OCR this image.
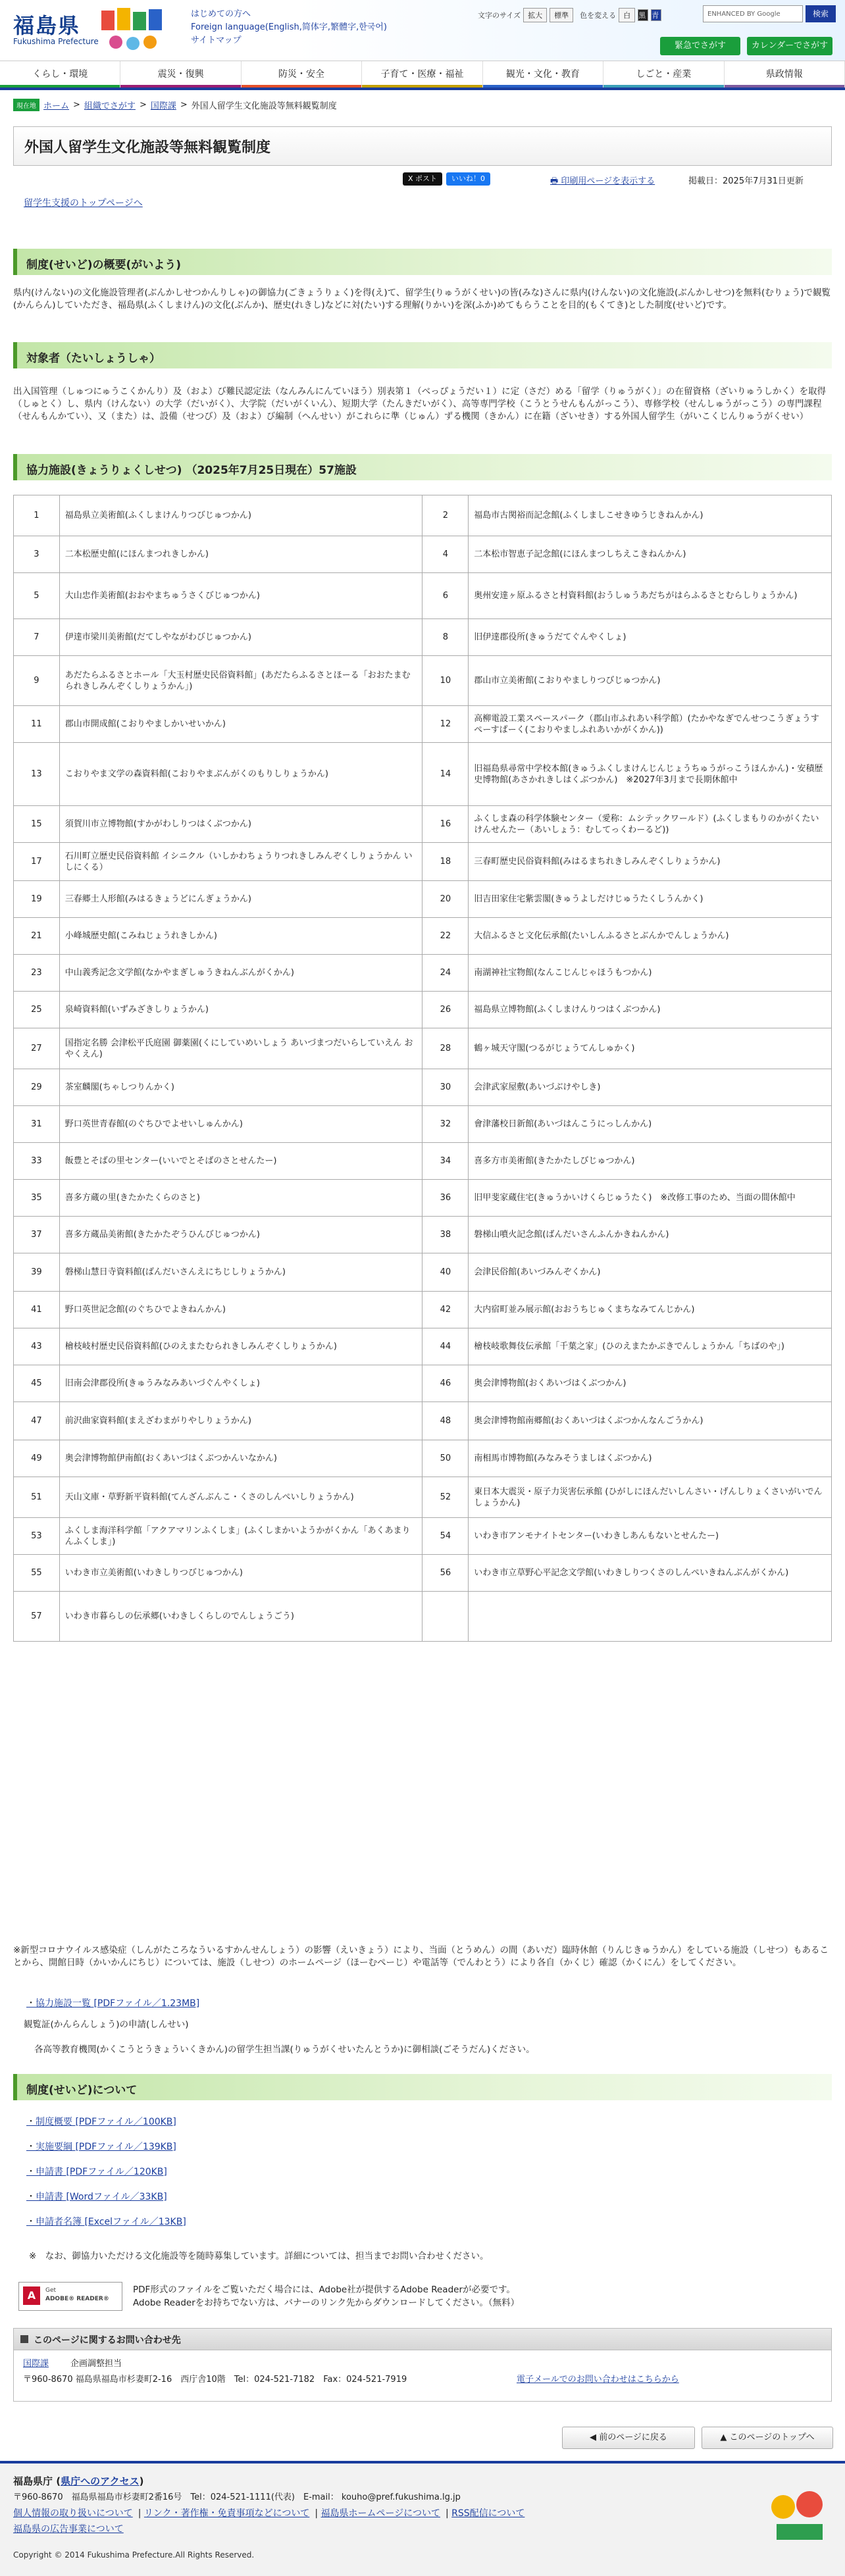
福島県
Fukushima Prefecture
はじめての方へ
Foreign language(English,简体字,繁體字,한국어)
サイトマップ
文字のサイズ	拡大	標準	色を変える	白	黒 青	ENHANCED BY Google	検索
緊急でさがす	カレンダーでさがす
くらし・環境	震災・復興	防災・安全	子育て・医療・福祉	観光・文化・教育	しごと・産業	県政情報
現在地 ホーム > 組織でさがす > 国際課 > 外国人留学生文化施設等無料観覧制度
外国人留学生文化施設等無料観覧制度
X ポスト	いいね！0	🖶 印刷用ページを表示する	掲載日：2025年7月31日更新
留学生支援のトップページへ
制度(せいど)の概要(がいよう)
県内(けんない)の文化施設管理者(ぶんかしせつかんりしゃ)の御協力(ごきょうりょく)を得(え)て、留学生(りゅうがくせい)の皆(みな)さんに県内(けんない)の文化施設(ぶんかしせつ)を無料(むりょう)で観覧(かんらん)していただき、福島県(ふくしまけん)の文化(ぶんか)、歴史(れきし)などに対(たい)する理解(りかい)を深(ふか)めてもらうことを目的(もくてき)とした制度(せいど)です。
対象者（たいしょうしゃ）
出入国管理（しゅつにゅうこくかんり）及（およ）び難民認定法（なんみんにんていほう）別表第１（べっぴょうだい１）に定（さだ）める「留学（りゅうがく）」の在留資格（ざいりゅうしかく）を取得（しゅとく）し、県内（けんない）の大学（だいがく）、大学院（だいがくいん）、短期大学（たんきだいがく）、高等専門学校（こうとうせんもんがっこう）、専修学校（せんしゅうがっこう）の専門課程（せんもんかてい）、又（また）は、設備（せつび）及（およ）び編制（へんせい）がこれらに準（じゅん）ずる機関（きかん）に在籍（ざいせき）する外国人留学生（がいこくじんりゅうがくせい）
協力施設(きょうりょくしせつ) （2025年7月25日現在）57施設
1	福島県立美術館(ふくしまけんりつびじゅつかん)	2	福島市古関裕而記念館(ふくしましこせきゆうじきねんかん)
3	二本松歴史館(にほんまつれきしかん)	4	二本松市智恵子記念館(にほんまつしちえこきねんかん)
5	大山忠作美術館(おおやまちゅうさくびじゅつかん)	6	奥州安達ヶ原ふるさと村資料館(おうしゅうあだちがはらふるさとむらしりょうかん)
7	伊達市梁川美術館(だてしやながわびじゅつかん)	8	旧伊達郡役所(きゅうだてぐんやくしょ)
9	あだたらふるさとホール「大玉村歴史民俗資料館」(あだたらふるさとほーる「おおたまむられきしみんぞくしりょうかん」)	10	郡山市立美術館(こおりやましりつびじゅつかん)
11	郡山市開成館(こおりやましかいせいかん)	12	高柳電設工業スペースパーク（郡山市ふれあい科学館）(たかやなぎでんせつこうぎょうすぺーすぱーく(こおりやましふれあいかがくかん))
13	こおりやま文学の森資料館(こおりやまぶんがくのもりしりょうかん)	14	旧福島県尋常中学校本館(きゅうふくしまけんじんじょうちゅうがっこうほんかん)・安積歴史博物館(あさかれきしはくぶつかん)　※2027年3月まで長期休館中
15	須賀川市立博物館(すかがわしりつはくぶつかん)	16	ふくしま森の科学体験センター（愛称：ムシテックワールド）(ふくしまもりのかがくたいけんせんたー（あいしょう：むしてっくわーるど))
17	石川町立歴史民俗資料館 イシニクル（いしかわちょうりつれきしみんぞくしりょうかん いしにくる）	18	三春町歴史民俗資料館(みはるまちれきしみんぞくしりょうかん)
19	三春郷土人形館(みはるきょうどにんぎょうかん)	20	旧吉田家住宅紫雲閣(きゅうよしだけじゅうたくしうんかく)
21	小峰城歴史館(こみねじょうれきしかん)	22	大信ふるさと文化伝承館(たいしんふるさとぶんかでんしょうかん)
23	中山義秀記念文学館(なかやまぎしゅうきねんぶんがくかん)	24	南湖神社宝物館(なんこじんじゃほうもつかん)
25	泉崎資料館(いずみざきしりょうかん)	26	福島県立博物館(ふくしまけんりつはくぶつかん)
27	国指定名勝 会津松平氏庭園 御薬園(くにしていめいしょう あいづまつだいらしていえん おやくえん)	28	鶴ヶ城天守閣(つるがじょうてんしゅかく)
29	茶室麟閣(ちゃしつりんかく)	30	会津武家屋敷(あいづぶけやしき)
31	野口英世青春館(のぐちひでよせいしゅんかん)	32	會津藩校日新館(あいづはんこうにっしんかん)
33	飯豊とそばの里センター(いいでとそばのさとせんたー)	34	喜多方市美術館(きたかたしびじゅつかん)
35	喜多方蔵の里(きたかたくらのさと)	36	旧甲斐家蔵住宅(きゅうかいけくらじゅうたく)　※改修工事のため、当面の間休館中
37	喜多方蔵品美術館(きたかたぞうひんびじゅつかん)	38	磐梯山噴火記念館(ばんだいさんふんかきねんかん)
39	磐梯山慧日寺資料館(ばんだいさんえにちじしりょうかん)	40	会津民俗館(あいづみんぞくかん)
41	野口英世記念館(のぐちひでよきねんかん)	42	大内宿町並み展示館(おおうちじゅくまちなみてんじかん)
43	檜枝岐村歴史民俗資料館(ひのえまたむられきしみんぞくしりょうかん)	44	檜枝岐歌舞伎伝承館「千葉之家」(ひのえまたかぶきでんしょうかん「ちばのや」)
45	旧南会津郡役所(きゅうみなみあいづぐんやくしょ)	46	奥会津博物館(おくあいづはくぶつかん)
47	前沢曲家資料館(まえざわまがりやしりょうかん)	48	奥会津博物館南郷館(おくあいづはくぶつかんなんごうかん)
49	奥会津博物館伊南館(おくあいづはくぶつかんいなかん)	50	南相馬市博物館(みなみそうましはくぶつかん)
51	天山文庫・草野新平資料館(てんざんぶんこ・くさのしんぺいしりょうかん)	52	東日本大震災・原子力災害伝承館 (ひがしにほんだいしんさい・げんしりょくさいがいでんしょうかん)
53	ふくしま海洋科学館「アクアマリンふくしま」(ふくしまかいようかがくかん「あくあまりんふくしま」)	54	いわき市アンモナイトセンター(いわきしあんもないとせんたー)
55	いわき市立美術館(いわきしりつびじゅつかん)	56	いわき市立草野心平記念文学館(いわきしりつくさのしんぺいきねんぶんがくかん)
57	いわき市暮らしの伝承郷(いわきしくらしのでんしょうごう)		
※新型コロナウイルス感染症（しんがたころなういるすかんせんしょう）の影響（えいきょう）により、当面（とうめん）の間（あいだ）臨時休館（りんじきゅうかん）をしている施設（しせつ）もあることから、開館日時（かいかんにちじ）については、施設（しせつ）のホームページ（ほーむぺーじ）や電話等（でんわとう）により各自（かくじ）確認（かくにん）をしてください。
・ 協力施設一覧 [PDFファイル／1.23MB]
観覧証(かんらんしょう)の申請(しんせい)
各高等教育機関(かくこうとうきょういくきかん)の留学生担当課(りゅうがくせいたんとうか)に御相談(ごそうだん)ください。
制度(せいど)について
・ 制度概要 [PDFファイル／100KB]
・ 実施要綱 [PDFファイル／139KB]
・ 申請書 [PDFファイル／120KB]
・ 申請書 [Wordファイル／33KB]
・ 申請者名簿 [Excelファイル／13KB]
※　なお、御協力いただける文化施設等を随時募集しています。詳細については、担当までお問い合わせください。
A	Get
ADOBE® READER®
PDF形式のファイルをご覧いただく場合には、Adobe社が提供するAdobe Readerが必要です。
Adobe Readerをお持ちでない方は、バナーのリンク先からダウンロードしてください。（無料）
このページに関するお問い合わせ先
国際課	企画調整担当
〒960-8670 福島県福島市杉妻町2-16　西庁舎10階　Tel：024-521-7182　Fax：024-521-7919	電子メールでのお問い合わせはこちらから
◀ 前のページに戻る	▲ このページのトップへ
福島県庁 (県庁へのアクセス)
〒960-8670　福島県福島市杉妻町2番16号　Tel：024-521-1111(代表)　E-mail： kouho@pref.fukushima.lg.jp
個人情報の取り扱いについて | リンク・著作権・免責事項などについて | 福島県ホームページについて | RSS配信について
福島県の広告事業について
Copyright © 2014 Fukushima Prefecture.All Rights Reserved.
